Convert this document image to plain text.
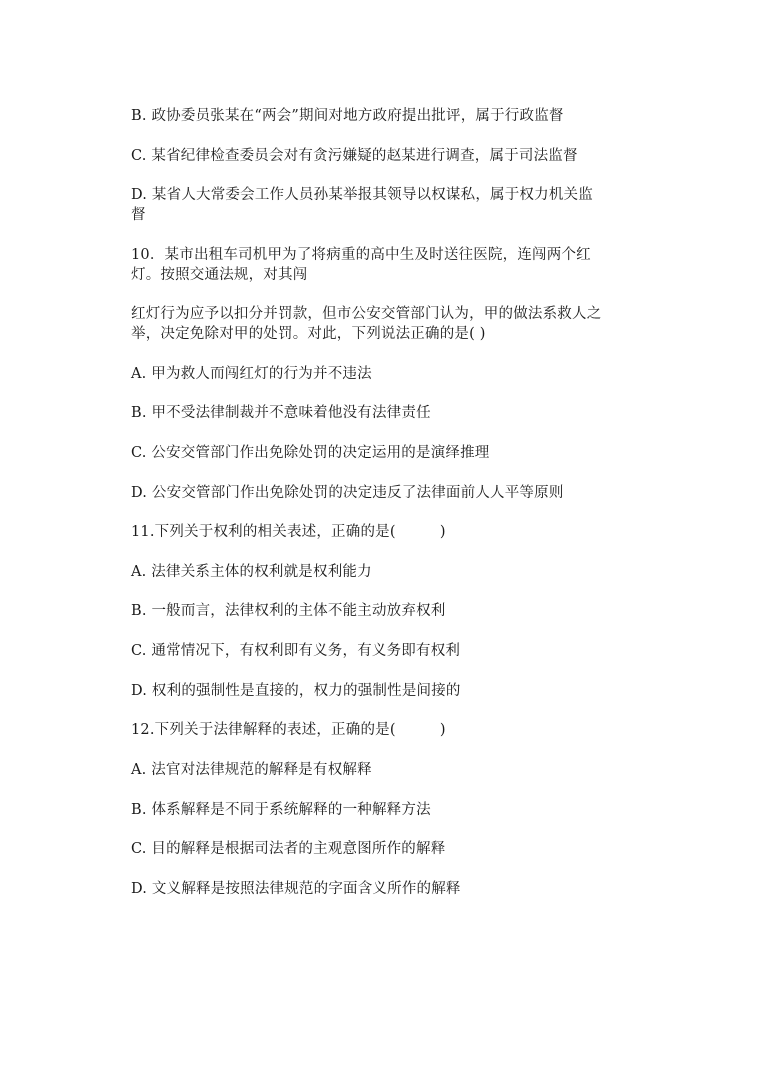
B. 政协委员张某在“两会”期间对地方政府提出批评，属于行政监督
C. 某省纪律检查委员会对有贪污嫌疑的赵某进行调查，属于司法监督
D. 某省人大常委会工作人员孙某举报其领导以权谋私，属于权力机关监
督
10．某市出租车司机甲为了将病重的高中生及时送往医院，连闯两个红
灯。按照交通法规，对其闯
红灯行为应予以扣分并罚款，但市公安交管部门认为，甲的做法系救人之
举，决定免除对甲的处罚。对此，下列说法正确的是( )
A. 甲为救人而闯红灯的行为并不违法
B. 甲不受法律制裁并不意味着他没有法律责任
C. 公安交管部门作出免除处罚的决定运用的是演绎推理
D. 公安交管部门作出免除处罚的决定违反了法律面前人人平等原则
11.下列关于权利的相关表述，正确的是(　　　)
A. 法律关系主体的权利就是权利能力
B. 一般而言，法律权利的主体不能主动放弃权利
C. 通常情况下，有权利即有义务，有义务即有权利
D. 权利的强制性是直接的，权力的强制性是间接的
12.下列关于法律解释的表述，正确的是(　　　)
A. 法官对法律规范的解释是有权解释
B. 体系解释是不同于系统解释的一种解释方法
C. 目的解释是根据司法者的主观意图所作的解释
D. 文义解释是按照法律规范的字面含义所作的解释
